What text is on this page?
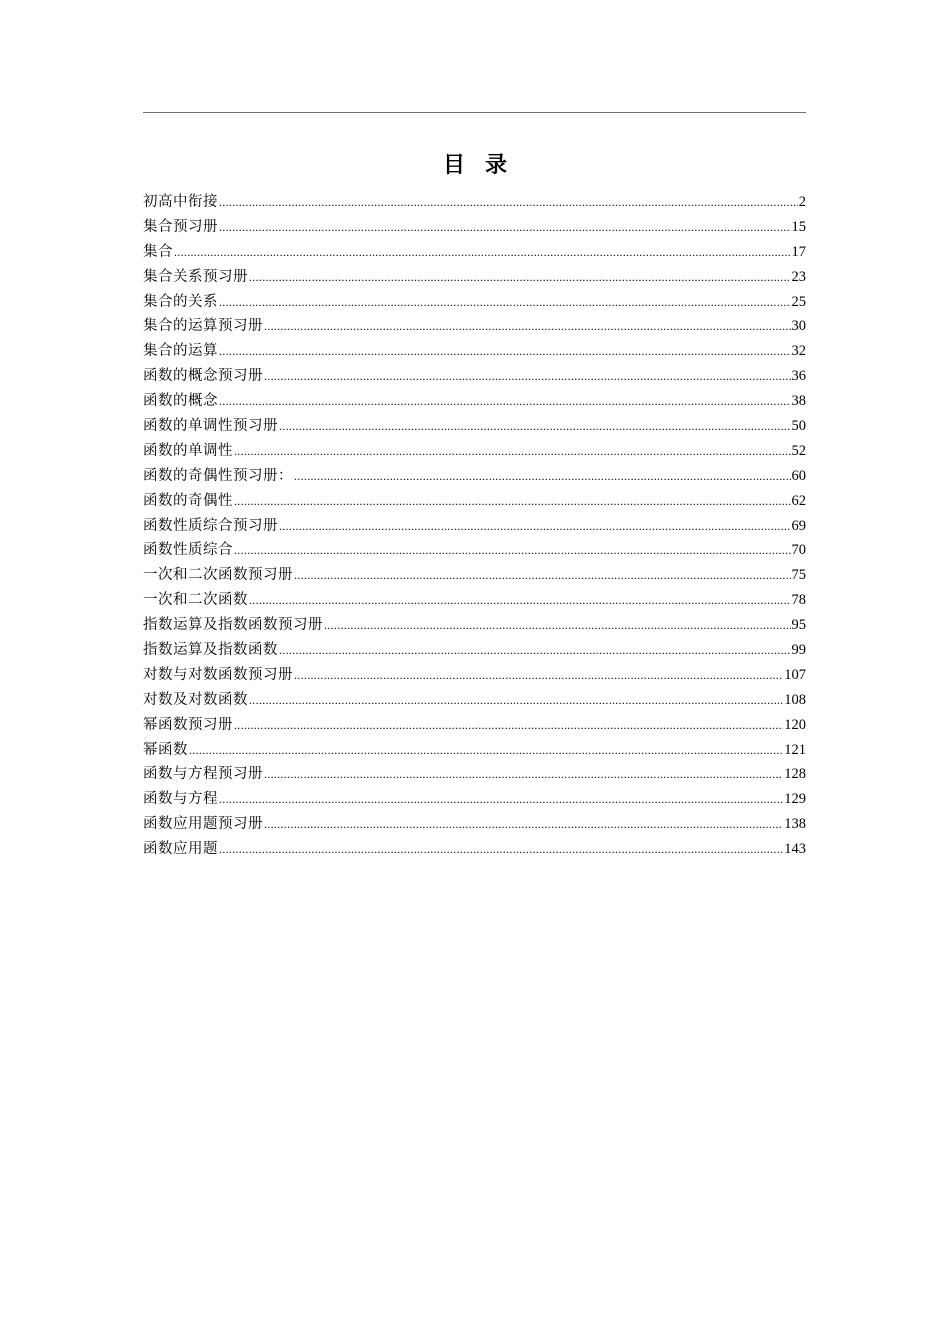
目录
初高中衔接 .....	2
集合预习册 .....	15
集合 .....	17
集合关系预习册 .....	23
集合的关系 .....	25
集合的运算预习册 .....	30
集合的运算 .....	32
函数的概念预习册 .....	36
函数的概念 .....	38
函数的单调性预习册 .....	50
函数的单调性 .....	52
函数的奇偶性预习册： .....	60
函数的奇偶性 .....	62
函数性质综合预习册 .....	69
函数性质综合 .....	70
一次和二次函数预习册 .....	75
一次和二次函数 .....	78
指数运算及指数函数预习册 .....	95
指数运算及指数函数 .....	99
对数与对数函数预习册 .....	107
对数及对数函数 .....	108
幂函数预习册 .....	120
幂函数 .....	121
函数与方程预习册 .....	128
函数与方程 .....	129
函数应用题预习册 .....	138
函数应用题 .....	143
